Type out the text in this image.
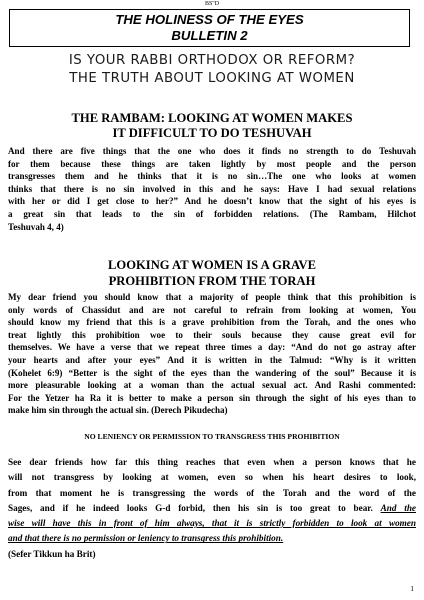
BS"D
THE HOLINESS OF THE EYES
BULLETIN 2
IS YOUR RABBI ORTHODOX OR REFORM?
THE TRUTH ABOUT LOOKING AT WOMEN
THE RAMBAM: LOOKING AT WOMEN MAKES
IT DIFFICULT TO DO TESHUVAH
And there are five things that the one who does it finds no strength to do Teshuvah
for them because these things are taken lightly by most people and the person
transgresses them and he thinks that it is no sin…The one who looks at women
thinks that there is no sin involved in this and he says: Have I had sexual relations
with her or did I get close to her?” And he doesn’t know that the sight of his eyes is
a great sin that leads to the sin of forbidden relations. (The Rambam, Hilchot
Teshuvah 4, 4)
LOOKING AT WOMEN IS A GRAVE
PROHIBITION FROM THE TORAH
My dear friend you should know that a majority of people think that this prohibition is
only words of Chassidut and are not careful to refrain from looking at women, You
should know my friend that this is a grave prohibition from the Torah, and the ones who
treat lightly this prohibition woe to their souls because they cause great evil for
themselves. We have a verse that we repeat three times a day: “And do not go astray after
your hearts and after your eyes” And it is written in the Talmud: “Why is it written
(Kohelet 6:9) “Better is the sight of the eyes than the wandering of the soul” Because it is
more pleasurable looking at a woman than the actual sexual act. And Rashi commented:
For the Yetzer ha Ra it is better to make a person sin through the sight of his eyes than to
make him sin through the actual sin. (Derech Pikudecha)
NO LENIENCY OR PERMISSION TO TRANSGRESS THIS PROHIBITION
See dear friends how far this thing reaches that even when a person knows that he
will not transgress by looking at women, even so when his heart desires to look,
from that moment he is transgressing the words of the Torah and the word of the
Sages, and if he indeed looks G-d forbid, then his sin is too great to bear. And the
wise will have this in front of him always, that it is strictly forbidden to look at women
and that there is no permission or leniency to transgress this prohibition.
(Sefer Tikkun ha Brit)
1
